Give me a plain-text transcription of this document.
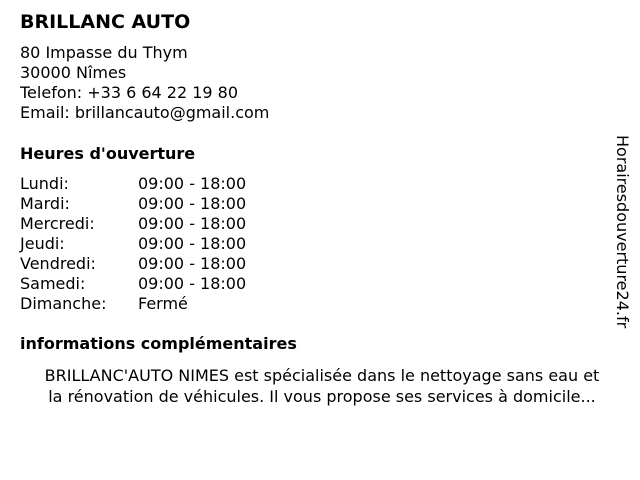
BRILLANC AUTO
80 Impasse du Thym
30000 Nîmes
Telefon: +33 6 64 22 19 80
Email: brillancauto@gmail.com
Heures d'ouverture
Lundi:	09:00 - 18:00
Mardi:	09:00 - 18:00
Mercredi:	09:00 - 18:00
Jeudi:	09:00 - 18:00
Vendredi:	09:00 - 18:00
Samedi:	09:00 - 18:00
Dimanche:	Fermé
informations complémentaires
BRILLANC'AUTO NIMES est spécialisée dans le nettoyage sans eau et
la rénovation de véhicules. Il vous propose ses services à domicile...
Horairesdouverture24.fr
